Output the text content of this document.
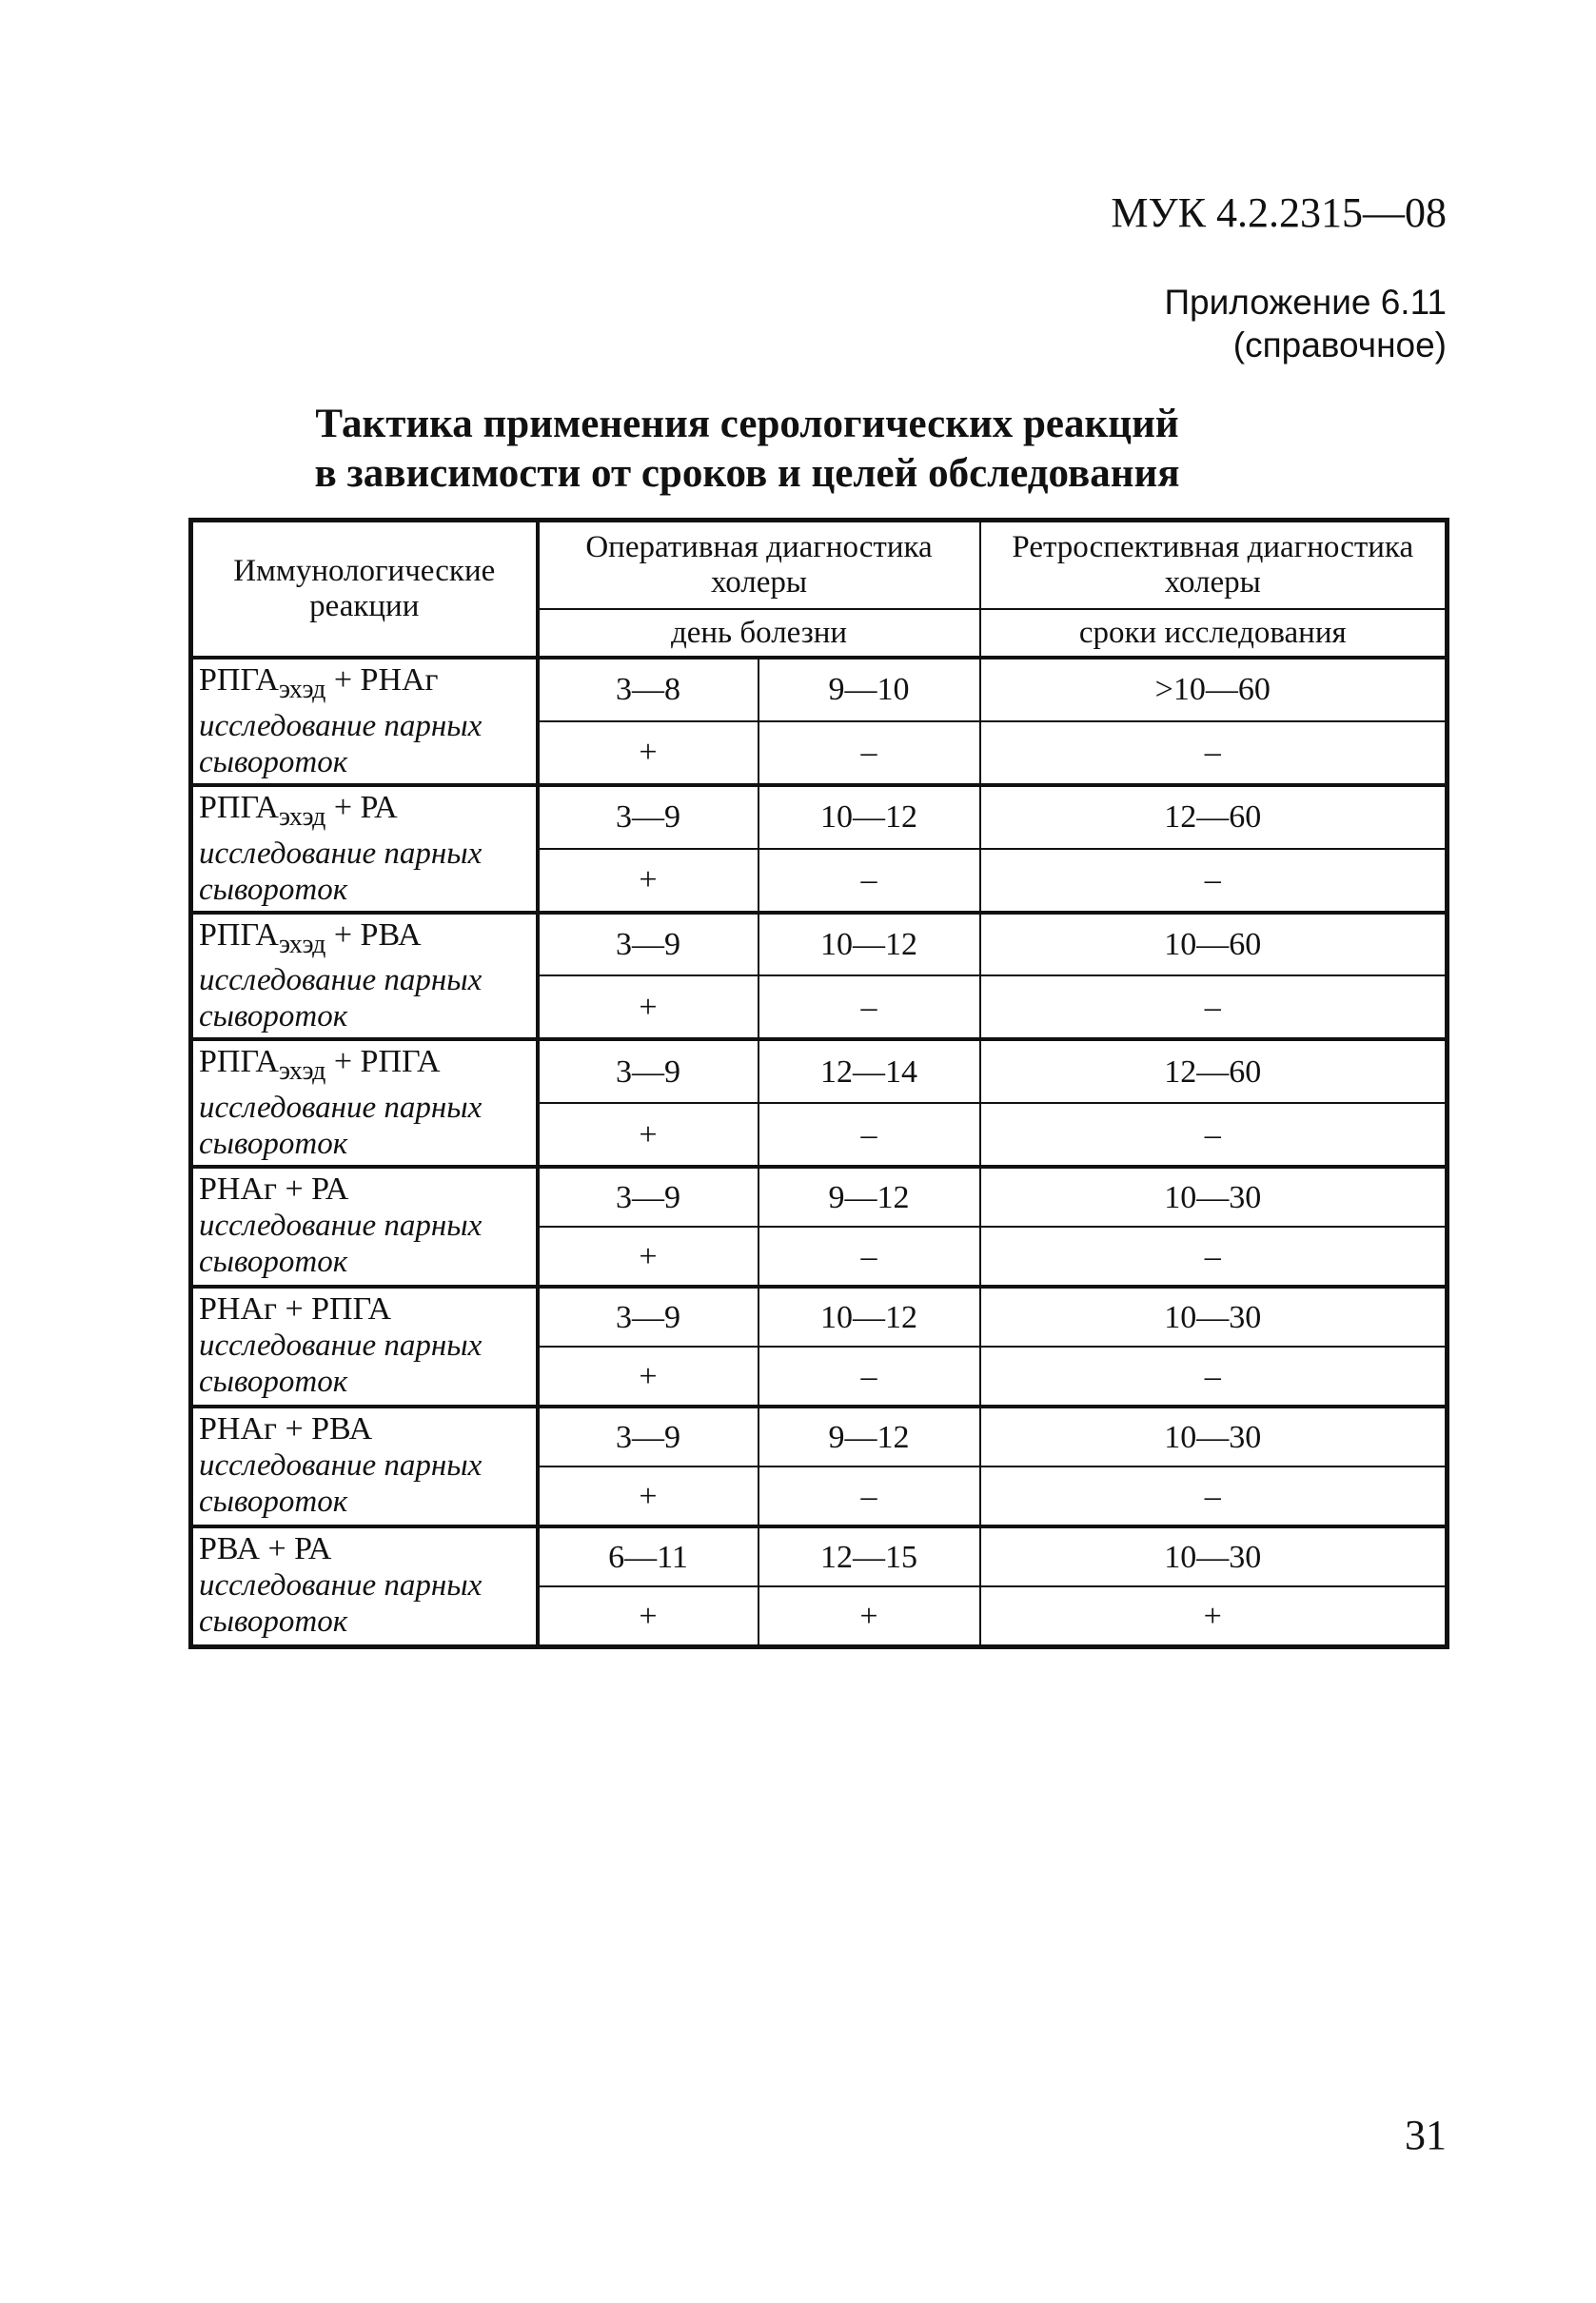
МУК 4.2.2315—08
Приложение 6.11
(справочное)
Тактика применения серологических реакций
в зависимости от сроков и целей обследования
Иммунологические реакции	Оперативная диагностика холеры		Ретроспективная диагностика холеры
	день болезни		сроки исследования

$РПГА_{эхэд}$ + РНАг
исследование парных сывороток	3—8	9—10	>10—60
	+	–	–

$РПГА_{эхэд}$ + РА
исследование парных сывороток	3—9	10—12	12—60
	+	–	–

$РПГА_{эхэд}$ + РВА
исследование парных сывороток	3—9	10—12	10—60
	+	–	–

$РПГА_{эхэд}$ + РПГА
исследование парных сывороток	3—9	12—14	12—60
	+	–	–

РНАг + РА
исследование парных сывороток	3—9	9—12	10—30
	+	–	–

РНАг + РПГА
исследование парных сывороток	3—9	10—12	10—30
	+	–	–

РНАг + РВА
исследование парных сывороток	3—9	9—12	10—30
	+	–	–

РВА + РА
исследование парных сывороток	6—11	12—15	10—30
	+	+	+
31
